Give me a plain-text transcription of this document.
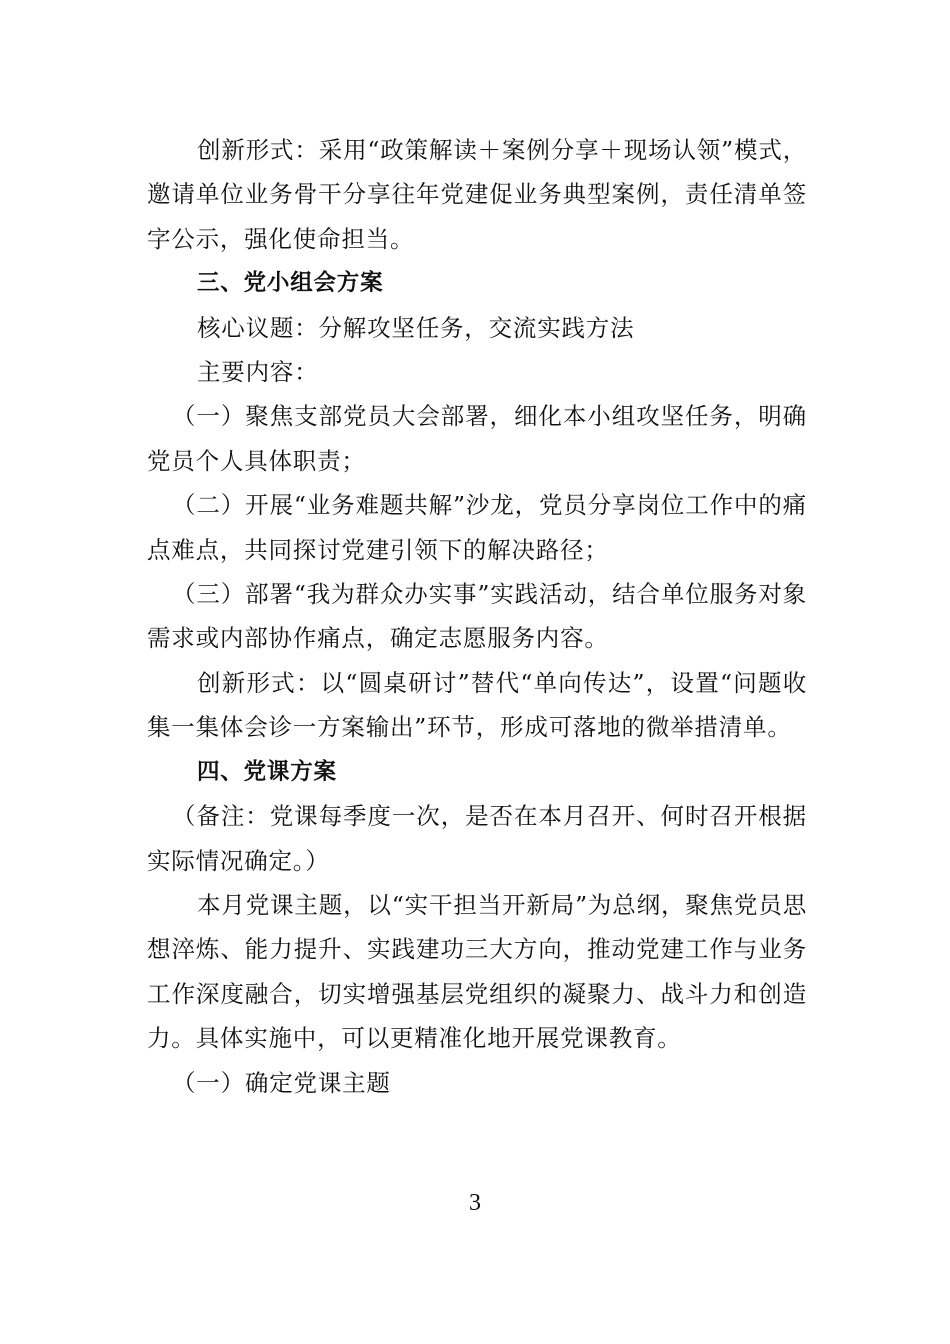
创新形式：采用“政策解读＋案例分享＋现场认领”模式，邀请单位业务骨干分享往年党建促业务典型案例，责任清单签字公示，强化使命担当。

三、党小组会方案

核心议题：分解攻坚任务，交流实践方法

主要内容：

（一）聚焦支部党员大会部署，细化本小组攻坚任务，明确党员个人具体职责；

（二）开展“业务难题共解”沙龙，党员分享岗位工作中的痛点难点，共同探讨党建引领下的解决路径；

（三）部署“我为群众办实事”实践活动，结合单位服务对象需求或内部协作痛点，确定志愿服务内容。

创新形式：以“圆桌研讨”替代“单向传达”，设置“问题收集一集体会诊一方案输出”环节，形成可落地的微举措清单。

四、党课方案

（备注：党课每季度一次，是否在本月召开、何时召开根据实际情况确定。）

本月党课主题，以“实干担当开新局”为总纲，聚焦党员思想淬炼、能力提升、实践建功三大方向，推动党建工作与业务工作深度融合，切实增强基层党组织的凝聚力、战斗力和创造力。具体实施中，可以更精准化地开展党课教育。

（一）确定党课主题

3
